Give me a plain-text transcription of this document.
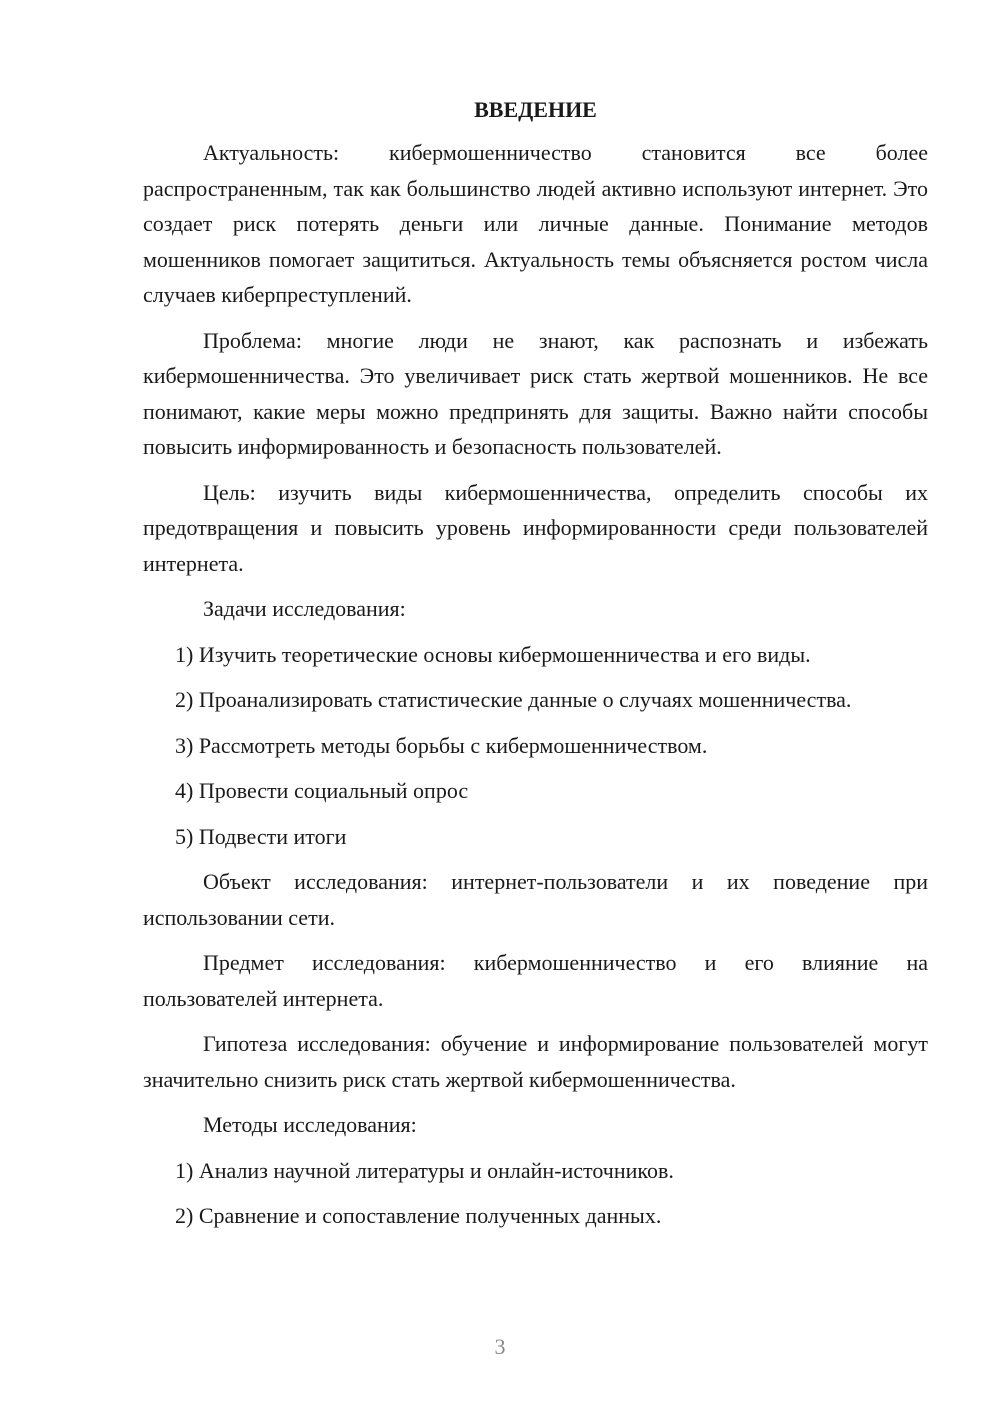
ВВЕДЕНИЕ

Актуальность: кибермошенничество становится все более распространенным, так как большинство людей активно используют интернет. Это создает риск потерять деньги или личные данные. Понимание методов мошенников помогает защититься. Актуальность темы объясняется ростом числа случаев киберпреступлений.

Проблема: многие люди не знают, как распознать и избежать кибермошенничества. Это увеличивает риск стать жертвой мошенников. Не все понимают, какие меры можно предпринять для защиты. Важно найти способы повысить информированность и безопасность пользователей.

Цель: изучить виды кибермошенничества, определить способы их предотвращения и повысить уровень информированности среди пользователей интернета.

Задачи исследования:

1) Изучить теоретические основы кибермошенничества и его виды.

2) Проанализировать статистические данные о случаях мошенничества.

3) Рассмотреть методы борьбы с кибермошенничеством.

4) Провести социальный опрос

5) Подвести итоги

Объект исследования: интернет-пользователи и их поведение при использовании сети.

Предмет исследования: кибермошенничество и его влияние на пользователей интернета.

Гипотеза исследования: обучение и информирование пользователей могут значительно снизить риск стать жертвой кибермошенничества.

Методы исследования:

1) Анализ научной литературы и онлайн-источников.

2) Сравнение и сопоставление полученных данных.

3
